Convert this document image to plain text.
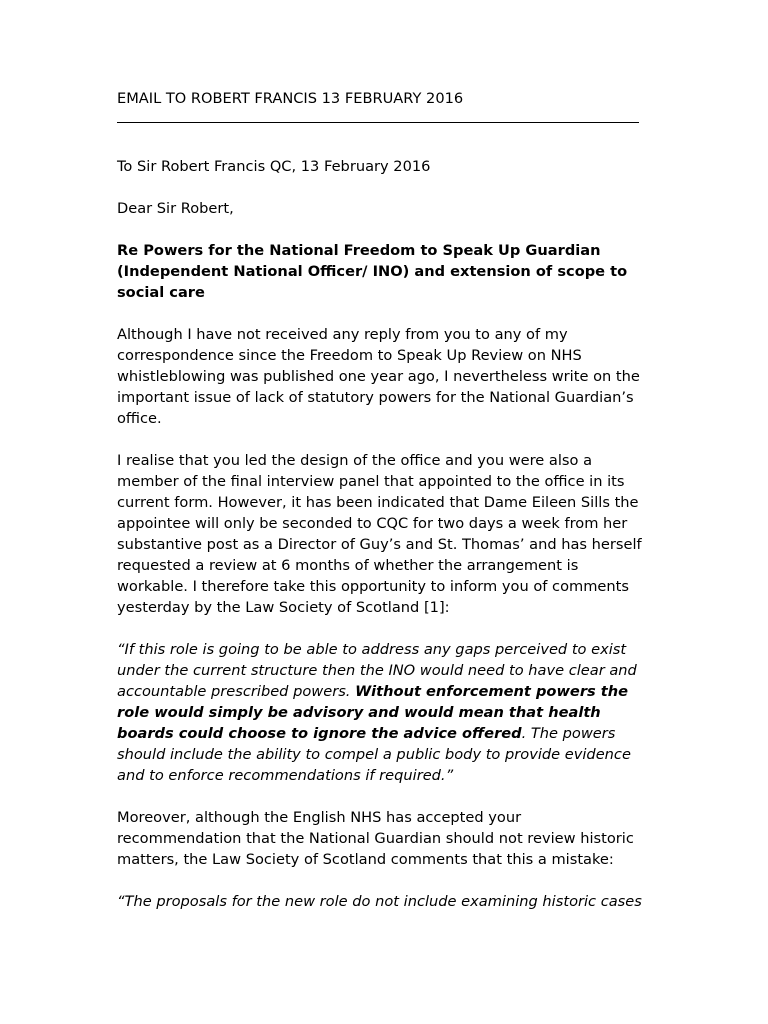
EMAIL TO ROBERT FRANCIS 13 FEBRUARY 2016

To Sir Robert Francis QC, 13 February 2016

Dear Sir Robert,

Re Powers for the National Freedom to Speak Up Guardian (Independent National Officer/ INO) and extension of scope to social care

Although I have not received any reply from you to any of my correspondence since the Freedom to Speak Up Review on NHS whistleblowing was published one year ago, I nevertheless write on the important issue of lack of statutory powers for the National Guardian’s office.

I realise that you led the design of the office and you were also a member of the final interview panel that appointed to the office in its current form. However, it has been indicated that Dame Eileen Sills the appointee will only be seconded to CQC for two days a week from her substantive post as a Director of Guy’s and St. Thomas’ and has herself requested a review at 6 months of whether the arrangement is workable. I therefore take this opportunity to inform you of comments yesterday by the Law Society of Scotland [1]:

“If this role is going to be able to address any gaps perceived to exist under the current structure then the INO would need to have clear and accountable prescribed powers. Without enforcement powers the role would simply be advisory and would mean that health boards could choose to ignore the advice offered. The powers should include the ability to compel a public body to provide evidence and to enforce recommendations if required.”

Moreover, although the English NHS has accepted your recommendation that the National Guardian should not review historic matters, the Law Society of Scotland comments that this a mistake:

“The proposals for the new role do not include examining historic cases
